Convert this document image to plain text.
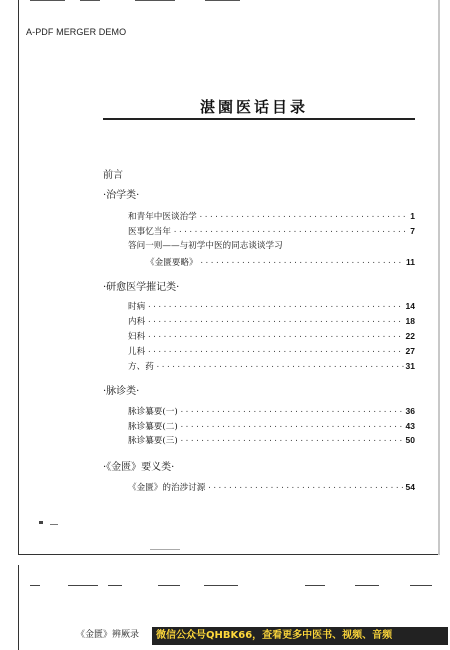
A-PDF MERGER DEMO
湛園医话目录
前言
·治学类·
和青年中医谈治学 ·····	1
医事忆当年 ·····	7
答问一则——与初学中医的同志谈谈学习
《金匮要略》 ·····	11
·研愈医学摧记类·
时病 ·····	14
内科 ·····	18
妇科 ·····	22
儿科 ·····	27
方、药 ·····	31
·脉诊类·
脉诊纂要(一) ·····	36
脉诊纂要(二) ·····	43
脉诊纂要(三) ·····	50
·《金匮》要义类·
《金匮》的治涉讨源 ·····	54
《金匮》辨厥录	微信公众号QHBK66，查看更多中医书、视频、音频
